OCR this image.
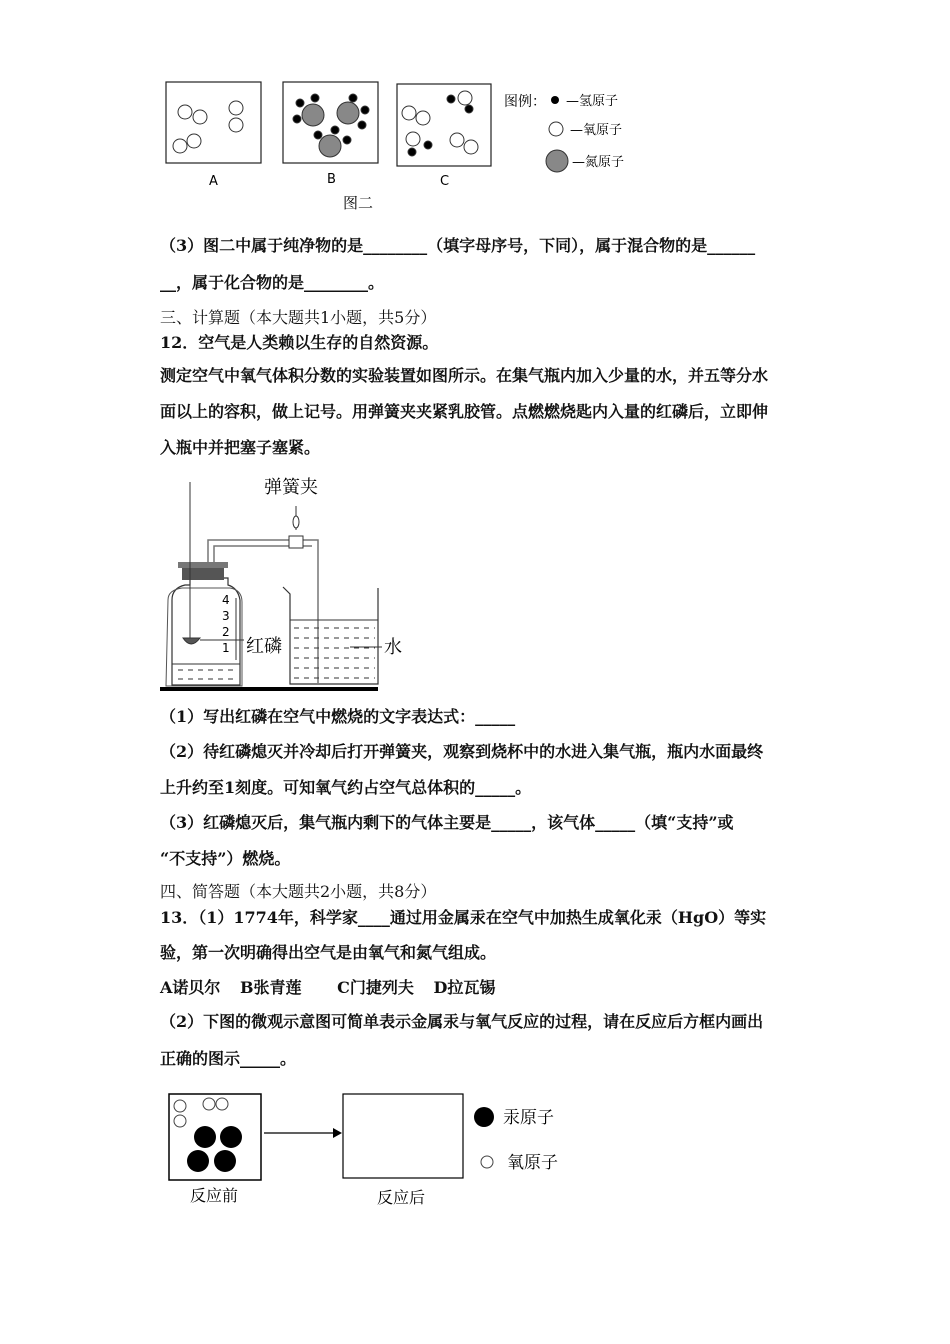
A	B	C
图二
图例： —氢原子
—氧原子
—氮原子
（3）图二中属于纯净物的是________（填字母序号，下同），属于混合物的是______
__，属于化合物的是________。
三、计算题（本大题共1小题，共5分）
12．空气是人类赖以生存的自然资源。
测定空气中氧气体积分数的实验装置如图所示。在集气瓶内加入少量的水，并五等分水
面以上的容积，做上记号。用弹簧夹夹紧乳胶管。点燃燃烧匙内入量的红磷后，立即伸
入瓶中并把塞子塞紧。
4
3
2
1
弹簧夹
红磷	水
（1）写出红磷在空气中燃烧的文字表达式：_____
（2）待红磷熄灭并冷却后打开弹簧夹，观察到烧杯中的水进入集气瓶，瓶内水面最终
上升约至1刻度。可知氧气约占空气总体积的_____。
（3）红磷熄灭后，集气瓶内剩下的气体主要是_____，该气体_____（填“支持”或
“不支持”）燃烧。
四、简答题（本大题共2小题，共8分）
13．（1）1774年，科学家____通过用金属汞在空气中加热生成氧化汞（HgO）等实
验，第一次明确得出空气是由氧气和氮气组成。
A诺贝尔 B张青莲 C门捷列夫 D拉瓦锡
（2）下图的微观示意图可简单表示金属汞与氧气反应的过程，请在反应后方框内画出
正确的图示_____。
汞原子
氧原子
反应前	反应后
